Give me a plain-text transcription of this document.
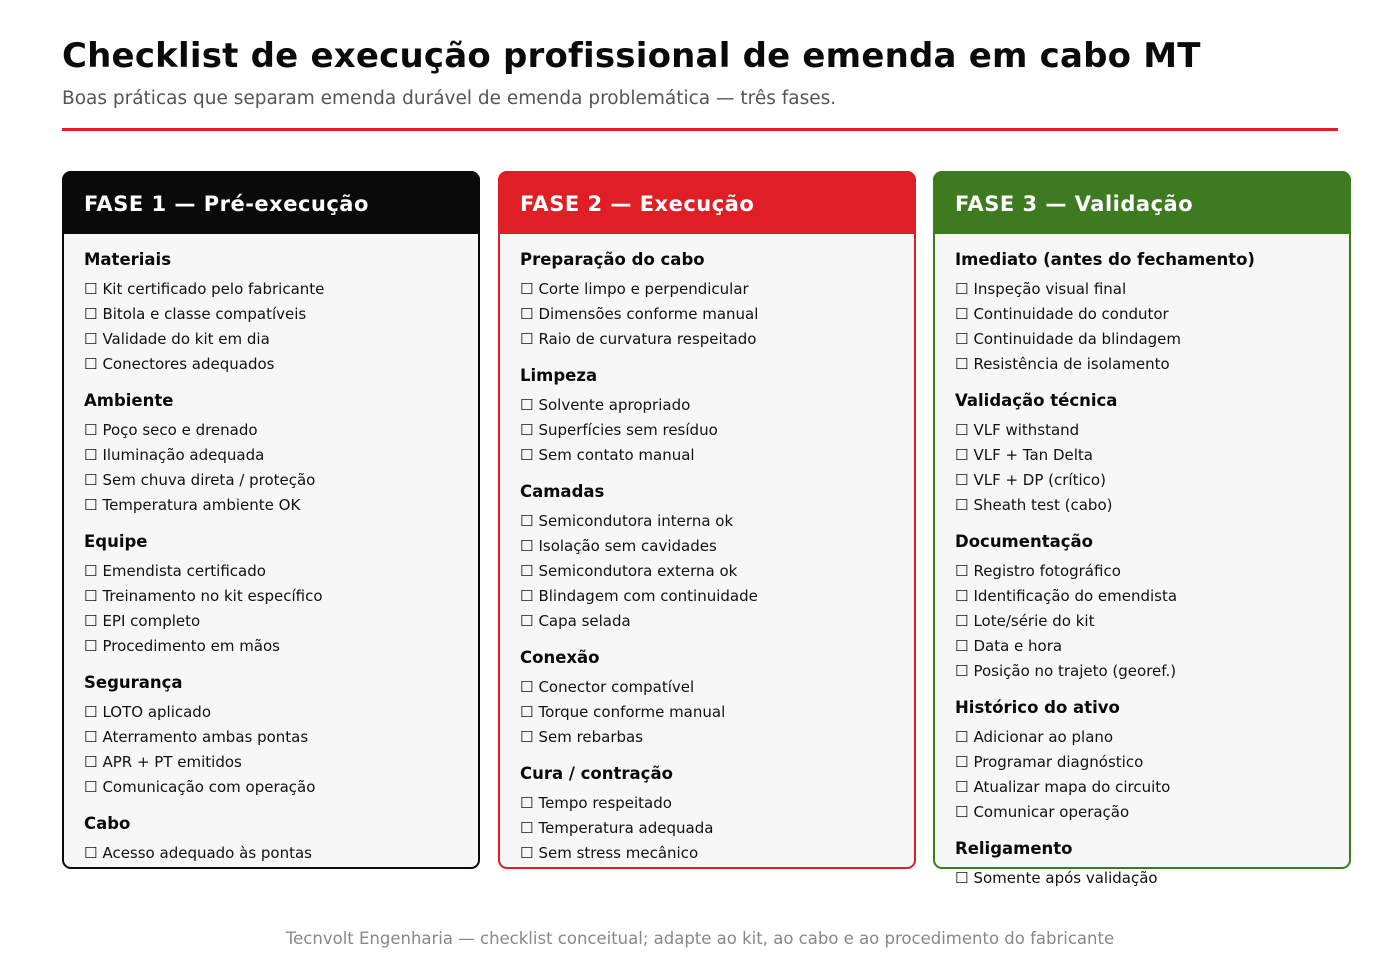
Checklist de execução profissional de emenda em cabo MT

Boas práticas que separam emenda durável de emenda problemática — três fases.

FASE 1 — Pré-execução
Materiais
☐ Kit certificado pelo fabricante
☐ Bitola e classe compatíveis
☐ Validade do kit em dia
☐ Conectores adequados
Ambiente
☐ Poço seco e drenado
☐ Iluminação adequada
☐ Sem chuva direta / proteção
☐ Temperatura ambiente OK
Equipe
☐ Emendista certificado
☐ Treinamento no kit específico
☐ EPI completo
☐ Procedimento em mãos
Segurança
☐ LOTO aplicado
☐ Aterramento ambas pontas
☐ APR + PT emitidos
☐ Comunicação com operação
Cabo
☐ Acesso adequado às pontas
FASE 2 — Execução
Preparação do cabo
☐ Corte limpo e perpendicular
☐ Dimensões conforme manual
☐ Raio de curvatura respeitado
Limpeza
☐ Solvente apropriado
☐ Superfícies sem resíduo
☐ Sem contato manual
Camadas
☐ Semicondutora interna ok
☐ Isolação sem cavidades
☐ Semicondutora externa ok
☐ Blindagem com continuidade
☐ Capa selada
Conexão
☐ Conector compatível
☐ Torque conforme manual
☐ Sem rebarbas
Cura / contração
☐ Tempo respeitado
☐ Temperatura adequada
☐ Sem stress mecânico
FASE 3 — Validação
Imediato (antes do fechamento)
☐ Inspeção visual final
☐ Continuidade do condutor
☐ Continuidade da blindagem
☐ Resistência de isolamento
Validação técnica
☐ VLF withstand
☐ VLF + Tan Delta
☐ VLF + DP (crítico)
☐ Sheath test (cabo)
Documentação
☐ Registro fotográfico
☐ Identificação do emendista
☐ Lote/série do kit
☐ Data e hora
☐ Posição no trajeto (georef.)
Histórico do ativo
☐ Adicionar ao plano
☐ Programar diagnóstico
☐ Atualizar mapa do circuito
☐ Comunicar operação
Religamento
☐ Somente após validação
Tecnvolt Engenharia — checklist conceitual; adapte ao kit, ao cabo e ao procedimento do fabricante
